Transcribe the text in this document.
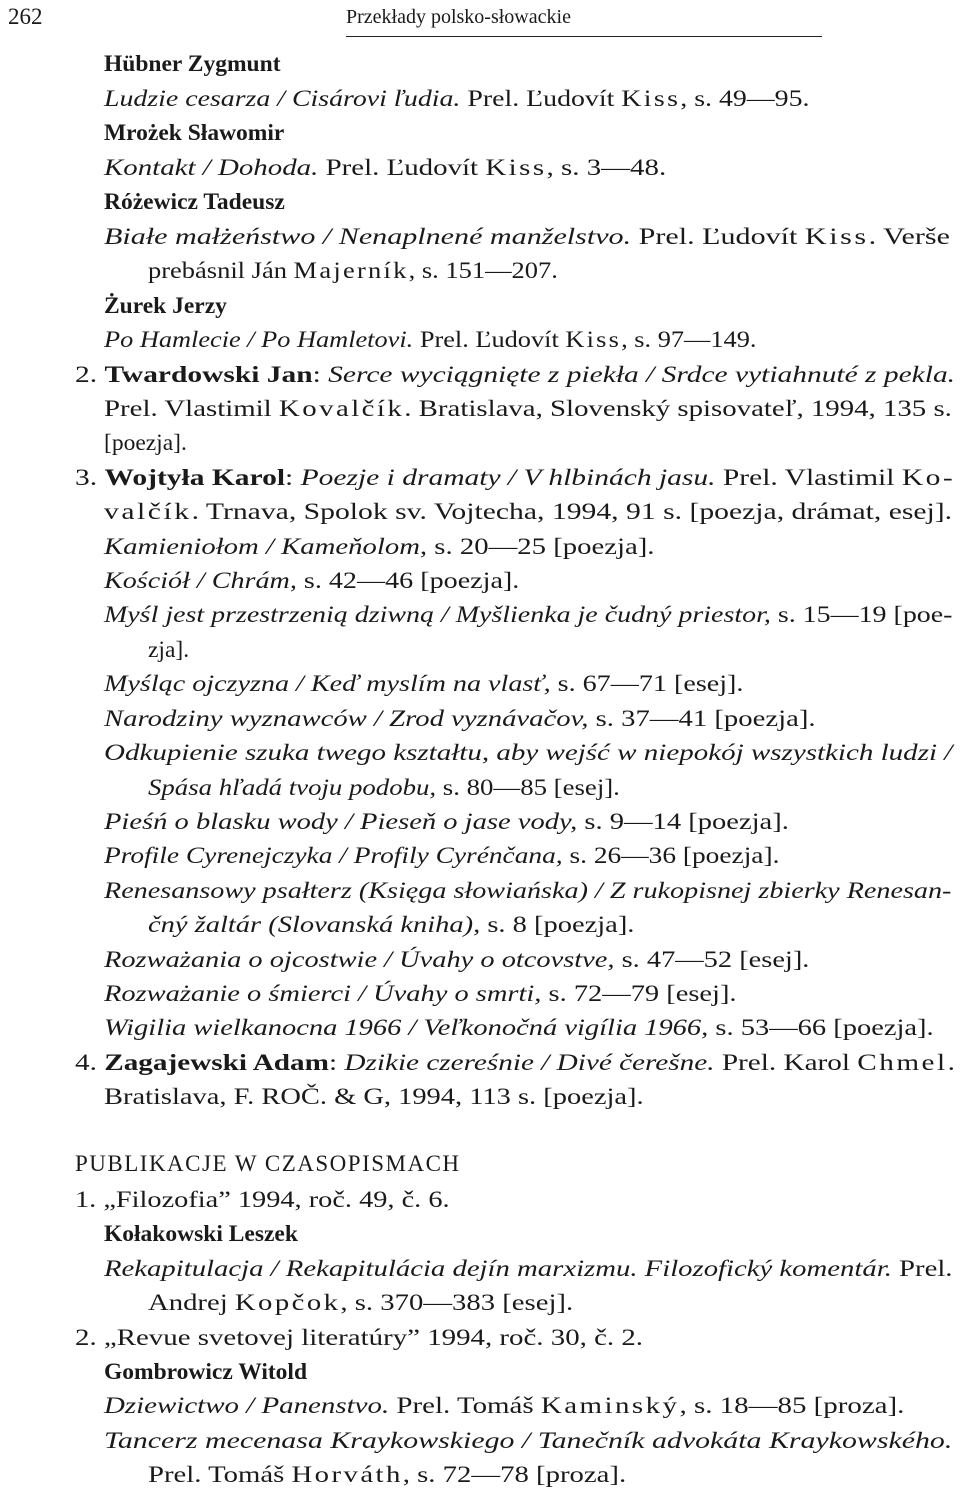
262	Przekłady polsko-słowackie
Hübner Zygmunt
Ludzie cesarza / Cisárovi ľudia. Prel. Ľudovít Kiss, s. 49—95.
Mrożek Sławomir
Kontakt / Dohoda. Prel. Ľudovít Kiss, s. 3—48.
Różewicz Tadeusz
Białe małżeństwo / Nenaplnené manželstvo. Prel. Ľudovít Kiss. Verše
prebásnil Ján Majerník, s. 151—207.
Żurek Jerzy
Po Hamlecie / Po Hamletovi. Prel. Ľudovít Kiss, s. 97—149.
2. Twardowski Jan: Serce wyciągnięte z piekła / Srdce vytiahnuté z pekla.
Prel. Vlastimil Kovalčík. Bratislava, Slovenský spisovateľ, 1994, 135 s.
[poezja].
3. Wojtyła Karol: Poezje i dramaty / V hlbinách jasu. Prel. Vlastimil Ko-
valčík. Trnava, Spolok sv. Vojtecha, 1994, 91 s. [poezja, drámat, esej].
Kamieniołom / Kameňolom, s. 20—25 [poezja].
Kościół / Chrám, s. 42—46 [poezja].
Myśl jest przestrzenią dziwną / Myšlienka je čudný priestor, s. 15—19 [poe-
zja].
Myśląc ojczyzna / Keď myslím na vlasť, s. 67—71 [esej].
Narodziny wyznawców / Zrod vyznávačov, s. 37—41 [poezja].
Odkupienie szuka twego kształtu, aby wejść w niepokój wszystkich ludzi /
Spása hľadá tvoju podobu, s. 80—85 [esej].
Pieśń o blasku wody / Pieseň o jase vody, s. 9—14 [poezja].
Profile Cyrenejczyka / Profily Cyrénčana, s. 26—36 [poezja].
Renesansowy psałterz (Księga słowiańska) / Z rukopisnej zbierky Renesan-
čný žaltár (Slovanská kniha), s. 8 [poezja].
Rozważania o ojcostwie / Úvahy o otcovstve, s. 47—52 [esej].
Rozważanie o śmierci / Úvahy o smrti, s. 72—79 [esej].
Wigilia wielkanocna 1966 / Veľkonočná vigília 1966, s. 53—66 [poezja].
4. Zagajewski Adam: Dzikie czereśnie / Divé čerešne. Prel. Karol Chmel.
Bratislava, F. ROČ. & G, 1994, 113 s. [poezja].
1. „Filozofia” 1994, roč. 49, č. 6.
Kołakowski Leszek
Rekapitulacja / Rekapitulácia dejín marxizmu. Filozofický komentár. Prel.
Andrej Kopčok, s. 370—383 [esej].
2. „Revue svetovej literatúry” 1994, roč. 30, č. 2.
Gombrowicz Witold
Dziewictwo / Panenstvo. Prel. Tomáš Kaminský, s. 18—85 [proza].
Tancerz mecenasa Kraykowskiego / Tanečník advokáta Kraykowského.
Prel. Tomáš Horváth, s. 72—78 [proza].
PUBLIKACJE W CZASOPISMACH
